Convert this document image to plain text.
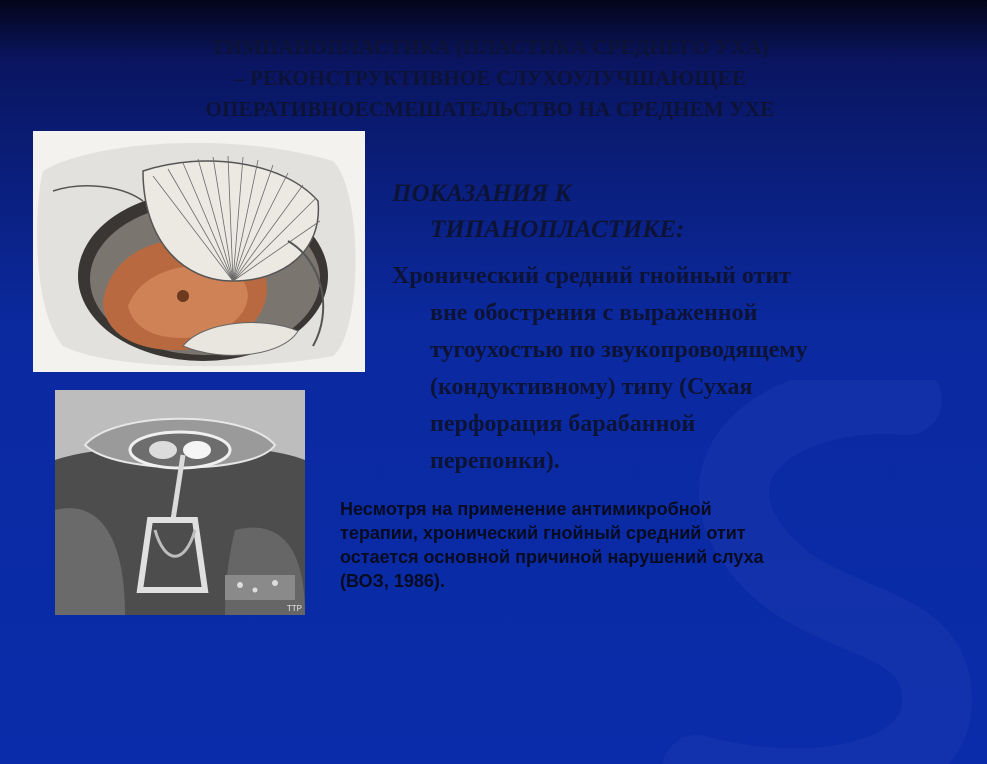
ТИМПАНОПЛАСТИКА (ПЛАСТИКА СРЕДНЕГО УХА)
– РЕКОНСТРУКТИВНОЕ СЛУХОУЛУЧШАЮЩЕЕ
ОПЕРАТИВНОЕСМЕШАТЕЛЬСТВО НА СРЕДНЕМ УХЕ
TTP
ПОКАЗАНИЯ К
ТИПАНОПЛАСТИКЕ:
Хронический средний гнойный отит
вне обострения с выраженной
тугоухостью по звукопроводящему
(кондуктивному) типу (Сухая
перфорация барабанной
перепонки).
Несмотря на применение антимикробной
терапии, хронический гнойный средний отит
остается основной причиной нарушений слуха
(ВОЗ, 1986).
